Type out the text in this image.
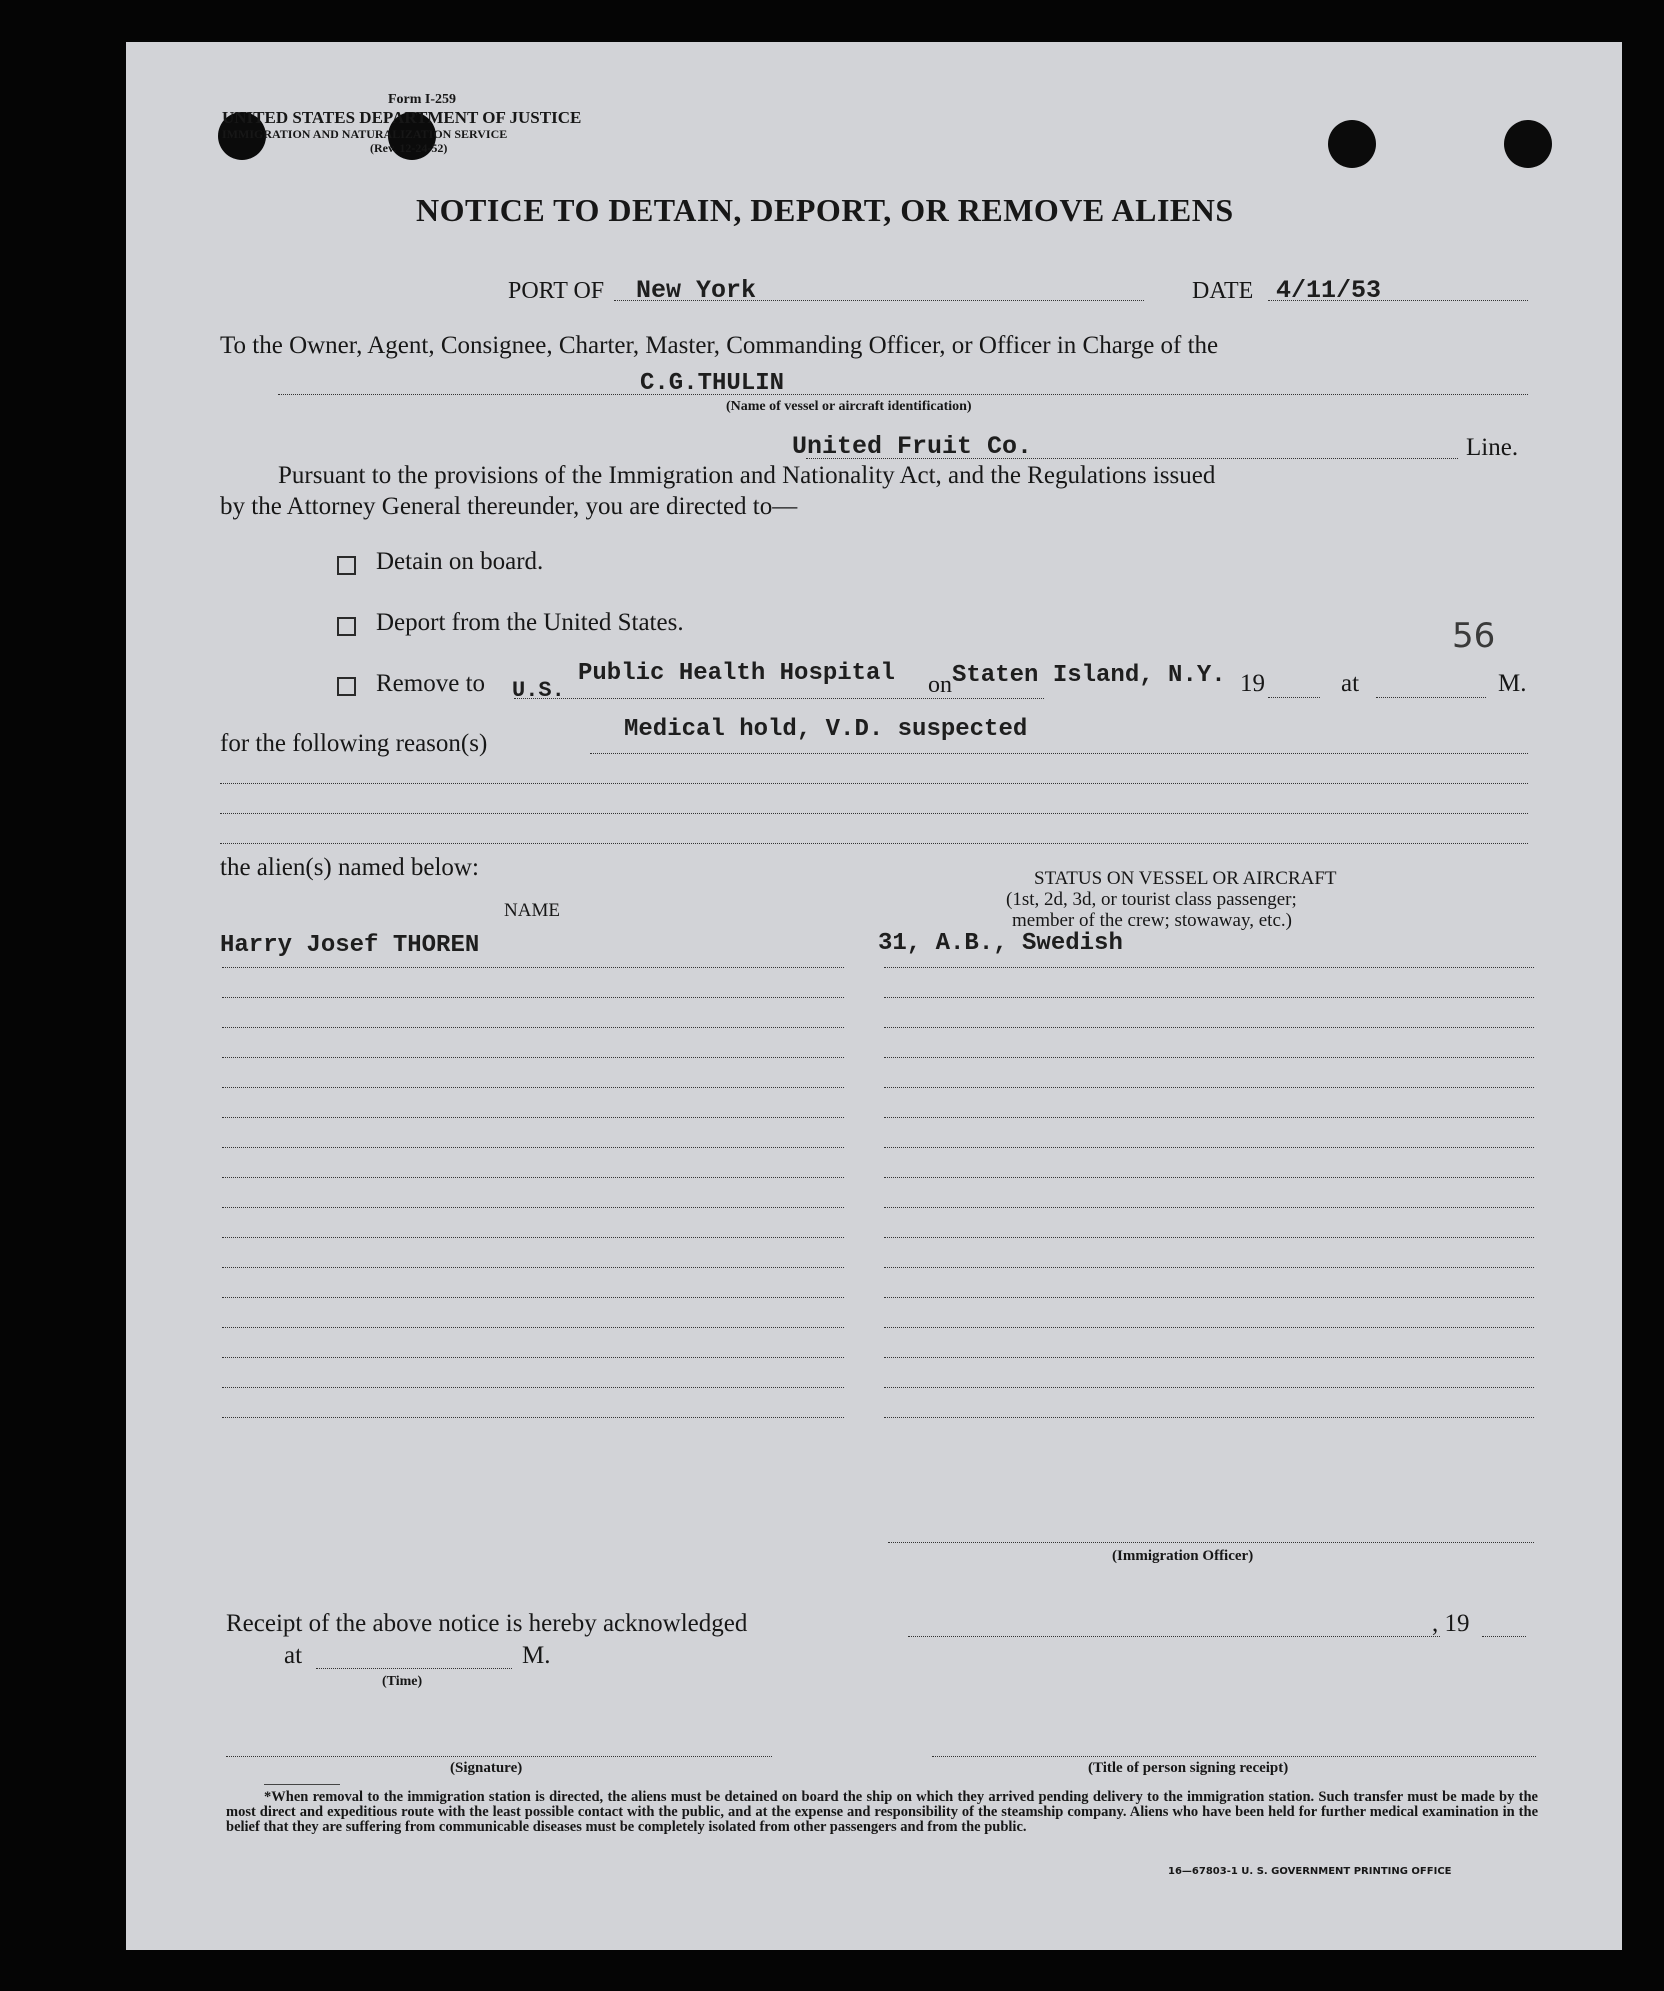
Form I-259
UNITED STATES DEPARTMENT OF JUSTICE
IMMIGRATION AND NATURALIZATION SERVICE
(Rev. 12-24-52)
NOTICE TO DETAIN, DEPORT, OR REMOVE ALIENS
PORT OF New York	DATE 4/11/53
To the Owner, Agent, Consignee, Charter, Master, Commanding Officer, or Officer in Charge of the
C.G.THULIN
(Name of vessel or aircraft identification)
United Fruit Co.	Line.
Pursuant to the provisions of the Immigration and Nationality Act, and the Regulations issued
by the Attorney General thereunder, you are directed to—
Detain on board.
Deport from the United States.	56
Remove to U.S.
Public Health Hospital on Staten Island, N.Y. 19	at	M.
for the following reason(s)
Medical hold, V.D. suspected
the alien(s) named below:
NAME
STATUS ON VESSEL OR AIRCRAFT
(1st, 2d, 3d, or tourist class passenger;
member of the crew; stowaway, etc.)
Harry Josef THOREN	31, A.B., Swedish
(Immigration Officer)
Receipt of the above notice is hereby acknowledged	, 19
at	M.
(Time)
(Signature)	(Title of person signing receipt)
*When removal to the immigration station is directed, the aliens must be detained on board the ship on which they arrived pending delivery to the immigration station. Such transfer must be made by the most direct and expeditious route with the least possible contact with the public, and at the expense and responsibility of the steamship company. Aliens who have been held for further medical examination in the belief that they are suffering from communicable diseases must be completely isolated from other passengers and from the public.
16—67803-1 U. S. GOVERNMENT PRINTING OFFICE
